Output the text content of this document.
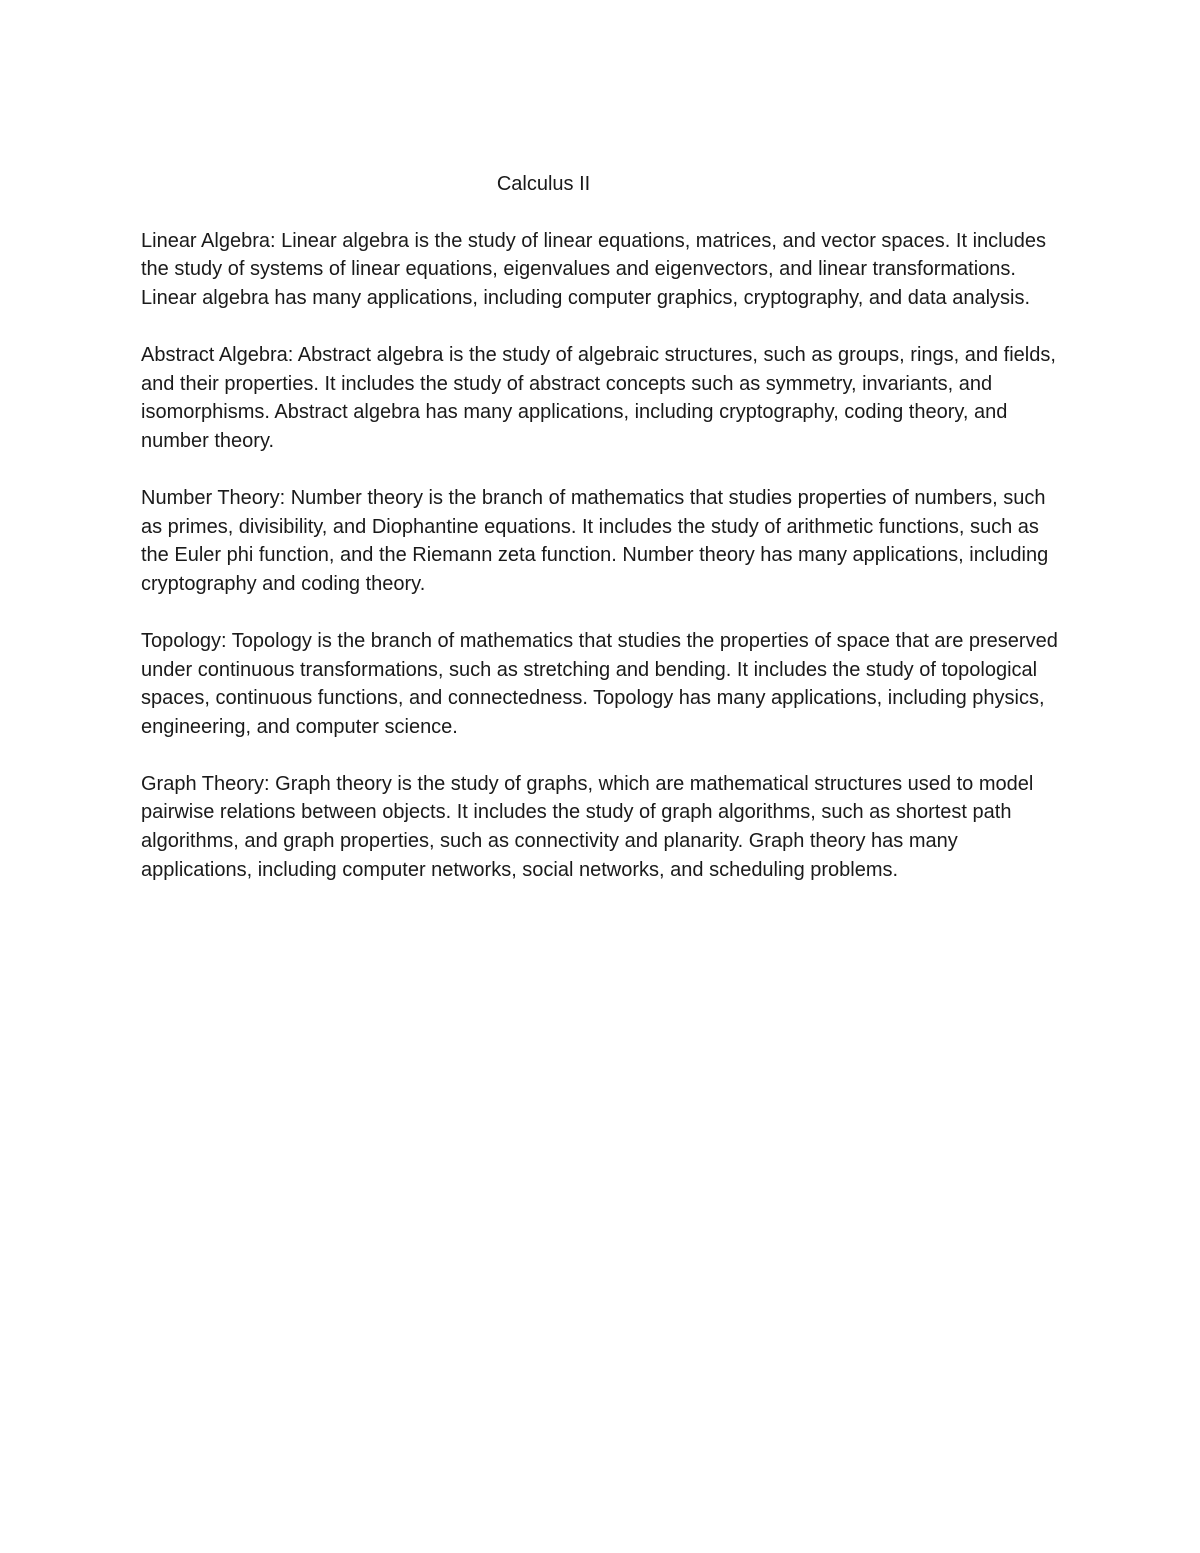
Calculus II

Linear Algebra: Linear algebra is the study of linear equations, matrices, and vector spaces. It includes the study of systems of linear equations, eigenvalues and eigenvectors, and linear transformations. Linear algebra has many applications, including computer graphics, cryptography, and data analysis.

Abstract Algebra: Abstract algebra is the study of algebraic structures, such as groups, rings, and fields, and their properties. It includes the study of abstract concepts such as symmetry, invariants, and isomorphisms. Abstract algebra has many applications, including cryptography, coding theory, and number theory.

Number Theory: Number theory is the branch of mathematics that studies properties of numbers, such as primes, divisibility, and Diophantine equations. It includes the study of arithmetic functions, such as the Euler phi function, and the Riemann zeta function. Number theory has many applications, including cryptography and coding theory.

Topology: Topology is the branch of mathematics that studies the properties of space that are preserved under continuous transformations, such as stretching and bending. It includes the study of topological spaces, continuous functions, and connectedness. Topology has many applications, including physics, engineering, and computer science.

Graph Theory: Graph theory is the study of graphs, which are mathematical structures used to model pairwise relations between objects. It includes the study of graph algorithms, such as shortest path algorithms, and graph properties, such as connectivity and planarity. Graph theory has many applications, including computer networks, social networks, and scheduling problems.
